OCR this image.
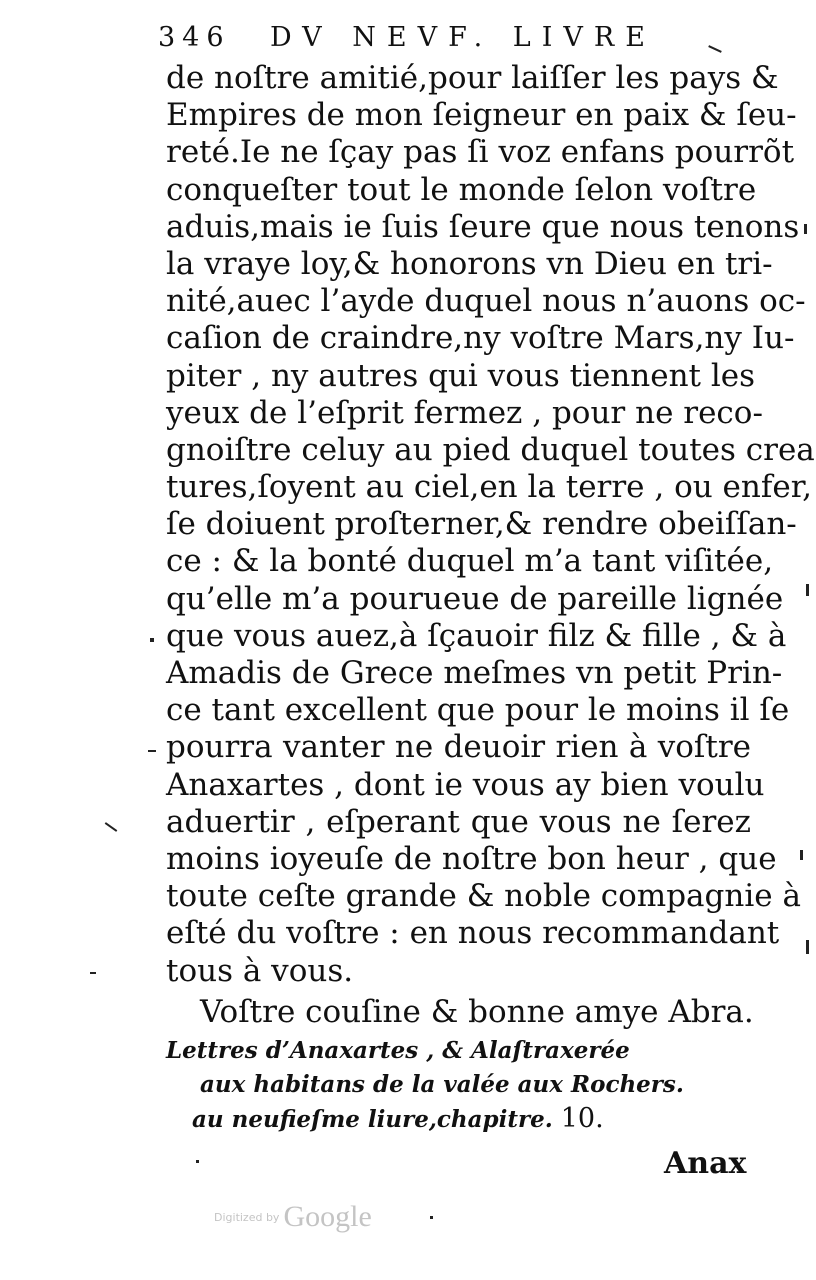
346 DV NEVF. LIVRE
de noſtre amitié,pour laiſſer les pays &
Empires de mon ſeigneur en paix & ſeu-
reté.Ie ne ſçay pas ſi voz enfans pourrõt
conqueſter tout le monde ſelon voſtre
aduis,mais ie ſuis ſeure que nous tenons
la vraye loy,& honorons vn Dieu en tri-
nité,auec l’ayde duquel nous n’auons oc-
caſion de craindre,ny voſtre Mars,ny Iu-
piter , ny autres qui vous tiennent les
yeux de l’eſprit fermez , pour ne reco-
gnoiſtre celuy au pied duquel toutes crea
tures,ſoyent au ciel,en la terre , ou enfer,
ſe doiuent proſterner,& rendre obeiſſan-
ce : & la bonté duquel m’a tant viſitée,
qu’elle m’a pourueue de pareille lignée
que vous auez,à ſçauoir filz & fille , & à
Amadis de Grece meſmes vn petit Prin-
ce tant excellent que pour le moins il ſe
pourra vanter ne deuoir rien à voſtre
Anaxartes , dont ie vous ay bien voulu
aduertir , eſperant que vous ne ſerez
moins ioyeuſe de noſtre bon heur , que
toute ceſte grande & noble compagnie à
eſté du voſtre : en nous recommandant
tous à vous.
Voſtre couſine & bonne amye Abra.
Lettres d’Anaxartes , & Alaſtraxerée
aux habitans de la valée aux Rochers.
au neufieſme liure,chapitre. 10.
Anax
Digitized by Google
